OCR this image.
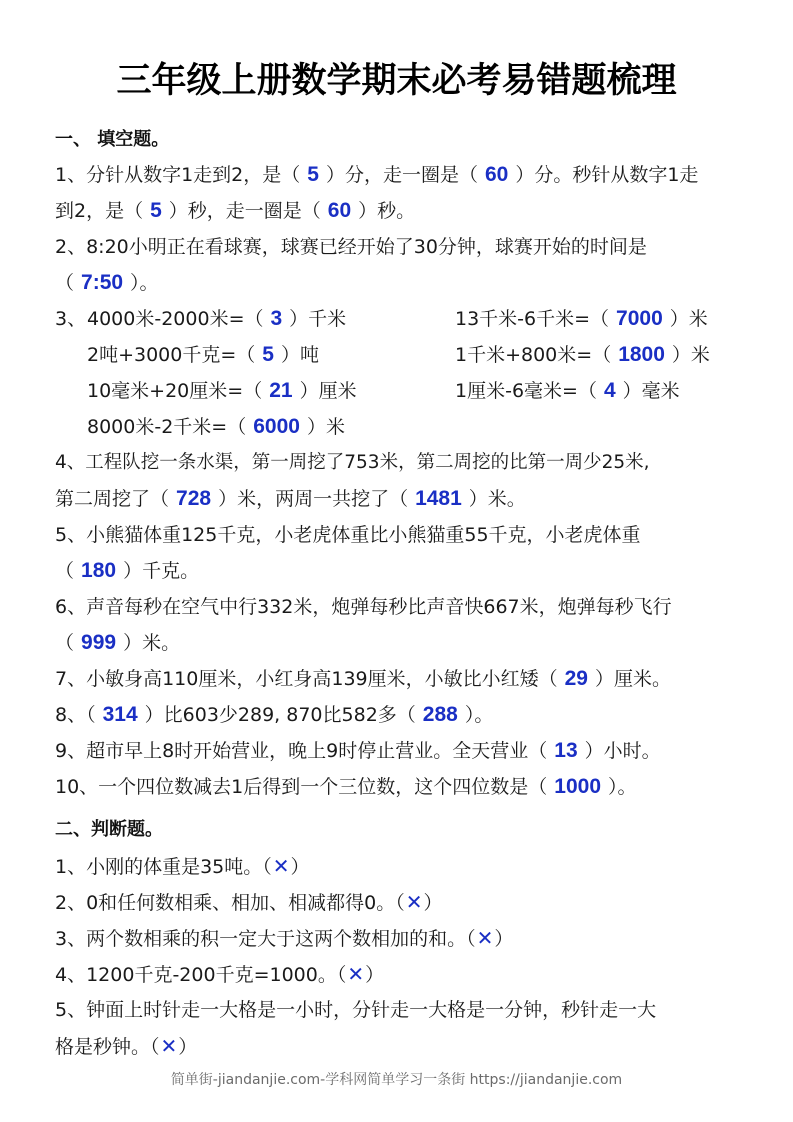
三年级上册数学期末必考易错题梳理
一、 填空题。
1、分针从数字1走到2，是（ 5 ）分，走一圈是（ 60 ）分。秒针从数字1走
到2，是（ 5 ）秒，走一圈是（ 60 ）秒。
2、8:20小明正在看球赛，球赛已经开始了30分钟，球赛开始的时间是
（ 7:50 ）。
3、 4000米-2000米=（ 3 ）千米	13千米-6千米=（ 7000 ）米
2吨+3000千克=（ 5 ）吨	1千米+800米=（ 1800 ）米
10毫米+20厘米=（ 21 ）厘米	1厘米-6毫米=（ 4 ）毫米
8000米-2千米=（ 6000 ）米
4、工程队挖一条水渠，第一周挖了753米，第二周挖的比第一周少25米,
第二周挖了（ 728 ）米，两周一共挖了（ 1481 ）米。
5、小熊猫体重125千克，小老虎体重比小熊猫重55千克，小老虎体重
（ 180 ）千克。
6、声音每秒在空气中行332米，炮弹每秒比声音快667米，炮弹每秒飞行
（ 999 ）米。
7、小敏身高110厘米，小红身高139厘米，小敏比小红矮（ 29 ）厘米。
8、（ 314 ）比603少289, 870比582多（ 288 ）。
9、超市早上8时开始营业，晚上9时停止营业。全天营业（ 13 ）小时。
10、一个四位数减去1后得到一个三位数，这个四位数是（ 1000 ）。
二、判断题。
1、小刚的体重是35吨。（✕）
2、0和任何数相乘、相加、相减都得0。（✕）
3、两个数相乘的积一定大于这两个数相加的和。（✕）
4、1200千克-200千克=1000。（✕）
5、钟面上时针走一大格是一小时，分针走一大格是一分钟，秒针走一大
格是秒钟。（✕）
简单街-jiandanjie.com-学科网简单学习一条街 https://jiandanjie.com
